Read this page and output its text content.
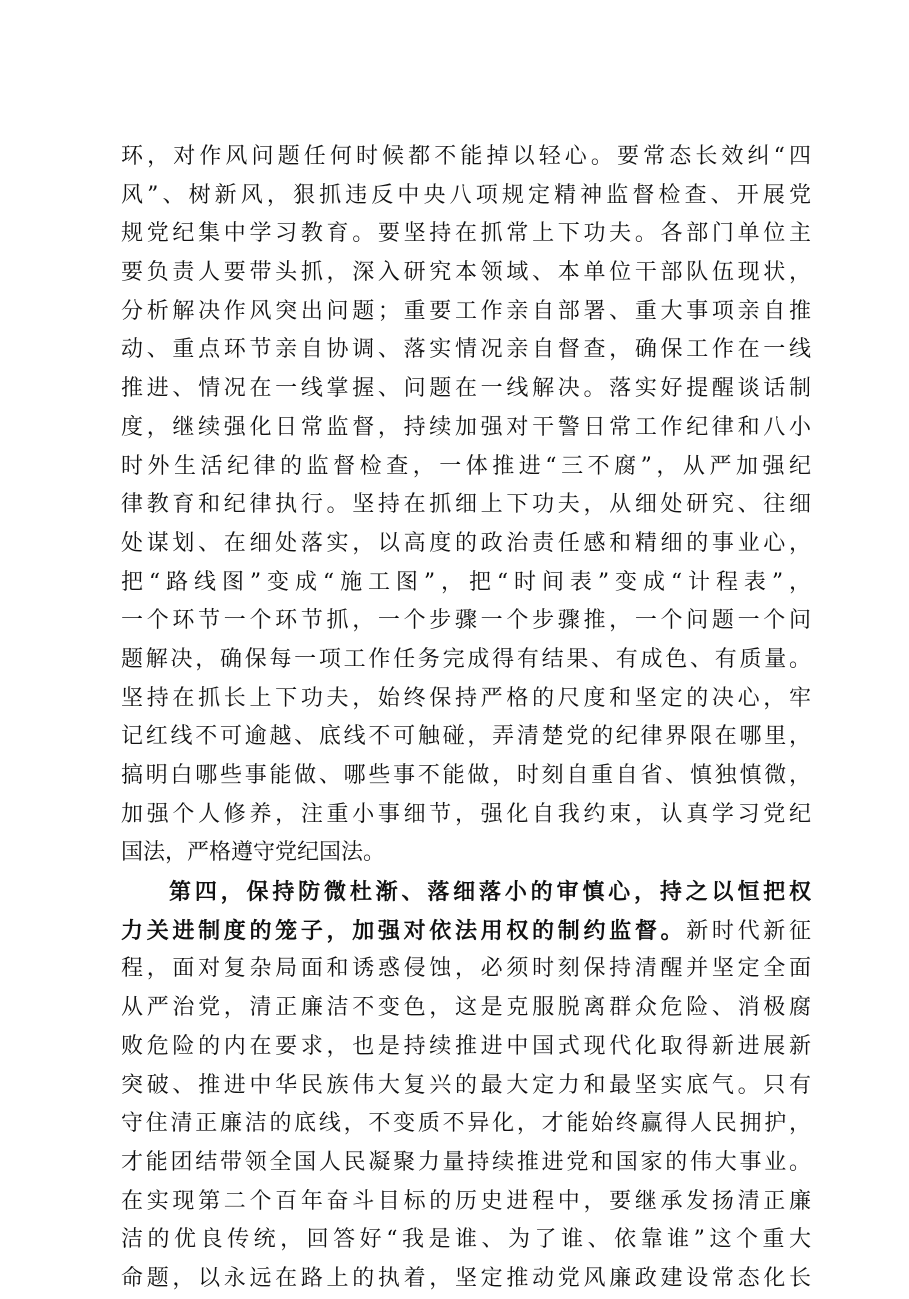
环，对作风问题任何时候都不能掉以轻心。要常态长效纠“四
风”、树新风，狠抓违反中央八项规定精神监督检查、开展党
规党纪集中学习教育。要坚持在抓常上下功夫。各部门单位主
要负责人要带头抓，深入研究本领域、本单位干部队伍现状，
分析解决作风突出问题；重要工作亲自部署、重大事项亲自推
动、重点环节亲自协调、落实情况亲自督查，确保工作在一线
推进、情况在一线掌握、问题在一线解决。落实好提醒谈话制
度，继续强化日常监督，持续加强对干警日常工作纪律和八小
时外生活纪律的监督检查，一体推进“三不腐”，从严加强纪
律教育和纪律执行。坚持在抓细上下功夫，从细处研究、往细
处谋划、在细处落实，以高度的政治责任感和精细的事业心，
把“路线图”变成“施工图”，把“时间表”变成“计程表”，
一个环节一个环节抓，一个步骤一个步骤推，一个问题一个问
题解决，确保每一项工作任务完成得有结果、有成色、有质量。
坚持在抓长上下功夫，始终保持严格的尺度和坚定的决心，牢
记红线不可逾越、底线不可触碰，弄清楚党的纪律界限在哪里，
搞明白哪些事能做、哪些事不能做，时刻自重自省、慎独慎微，
加强个人修养，注重小事细节，强化自我约束，认真学习党纪
国法，严格遵守党纪国法。
第四，保持防微杜渐、落细落小的审慎心，持之以恒把权
力关进制度的笼子，加强对依法用权的制约监督。新时代新征
程，面对复杂局面和诱惑侵蚀，必须时刻保持清醒并坚定全面
从严治党，清正廉洁不变色，这是克服脱离群众危险、消极腐
败危险的内在要求，也是持续推进中国式现代化取得新进展新
突破、推进中华民族伟大复兴的最大定力和最坚实底气。只有
守住清正廉洁的底线，不变质不异化，才能始终赢得人民拥护，
才能团结带领全国人民凝聚力量持续推进党和国家的伟大事业。
在实现第二个百年奋斗目标的历史进程中，要继承发扬清正廉
洁的优良传统，回答好“我是谁、为了谁、依靠谁”这个重大
命题，以永远在路上的执着，坚定推动党风廉政建设常态化长
